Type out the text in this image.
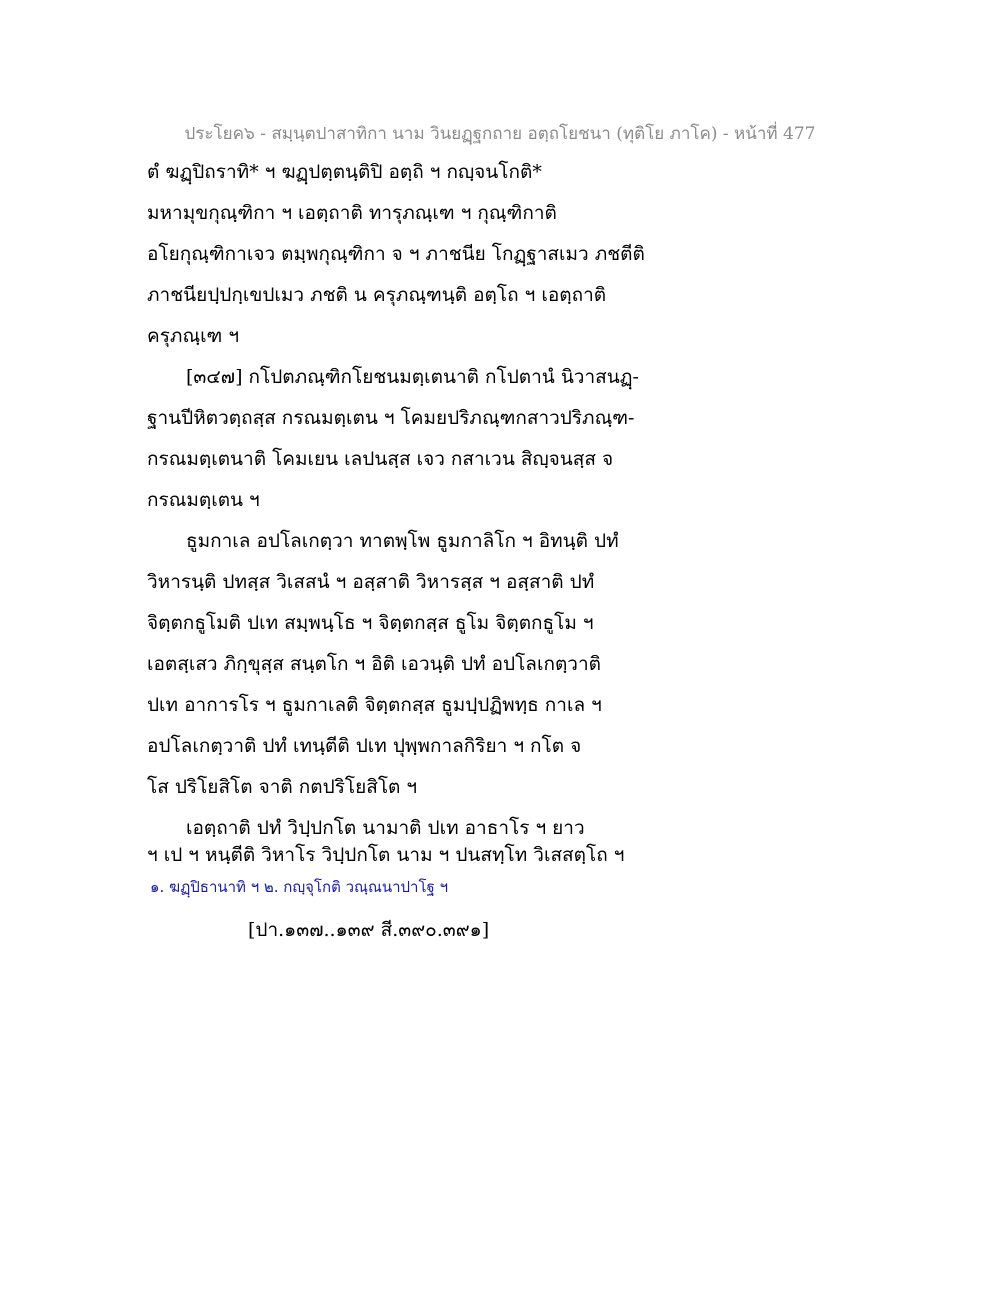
ประโยค๖ - สมฺนฺตปาสาทิกา นาม วินยฏฺฐกถาย อตฺถโยชนา (ทุติโย ภาโค) - หน้าที่ 477
ตํ ฆฏฺปิถราทิ* ฯ ฆฏฺปตฺตนฺติปิ อตฺถิ ฯ กญฺจนโกติ*
มหามุขกุณฺฑิกา ฯ เอตฺถาติ ทารุภณฺเฑ ฯ กุณฺฑิกาติ
อโยกุณฺฑิกาเจว ตมฺพกุณฺฑิกา จ ฯ ภาชนีย โกฏฺฐาสเมว ภชตีติ
ภาชนียปฺปกฺเขปเมว ภชติ น ครุภณฺฑนฺติ อตฺโถ ฯ เอตฺถาติ
ครุภณฺเฑ ฯ
[๓๔๗] กโปตภณฺฑิกโยชนมตฺเตนาติ กโปตานํ นิวาสนฏฺ-
ฐานปีหิตวตฺถสฺส กรณมตฺเตน ฯ โคมยปริภณฺฑกสาวปริภณฺฑ-
กรณมตฺเตนาติ โคมเยน เลปนสฺส เจว กสาเวน สิญฺจนสฺส จ
กรณมตฺเตน ฯ
ธูมกาเล อปโลเกตฺวา ทาตพฺโพ ธูมกาลิโก ฯ อิทนฺติ ปทํ
วิหารนฺติ ปทสฺส วิเสสนํ ฯ อสฺสาติ วิหารสฺส ฯ อสฺสาติ ปทํ
จิตฺตกธูโมติ ปเท สมฺพนฺโธ ฯ จิตฺตกสฺส ธูโม จิตฺตกธูโม ฯ
เอตสฺเสว ภิกฺขุสฺส สนฺตโก ฯ อิติ เอวนฺติ ปทํ อปโลเกตฺวาติ
ปเท อาการโร ฯ ธูมกาเลติ จิตฺตกสฺส ธูมปฺปฏิพทฺธ กาเล ฯ
อปโลเกตฺวาติ ปทํ เทนฺตีติ ปเท ปุพฺพกาลกิริยา ฯ กโต จ
โส ปริโยสิโต จาติ กตปริโยสิโต ฯ
เอตฺถาติ ปทํ วิปฺปกโต นามาติ ปเท อาธาโร ฯ ยาว
ฯ เป ฯ หนฺตีติ วิหาโร วิปฺปกโต นาม ฯ ปนสทฺโท วิเสสตฺโถ ฯ
๑. ฆฏฺปิธานาทิ ฯ ๒. กญฺจุโกติ วณฺณนาปาโฐ ฯ
[ปา.๑๓๗..๑๓๙ สี.๓๙๐.๓๙๑]
